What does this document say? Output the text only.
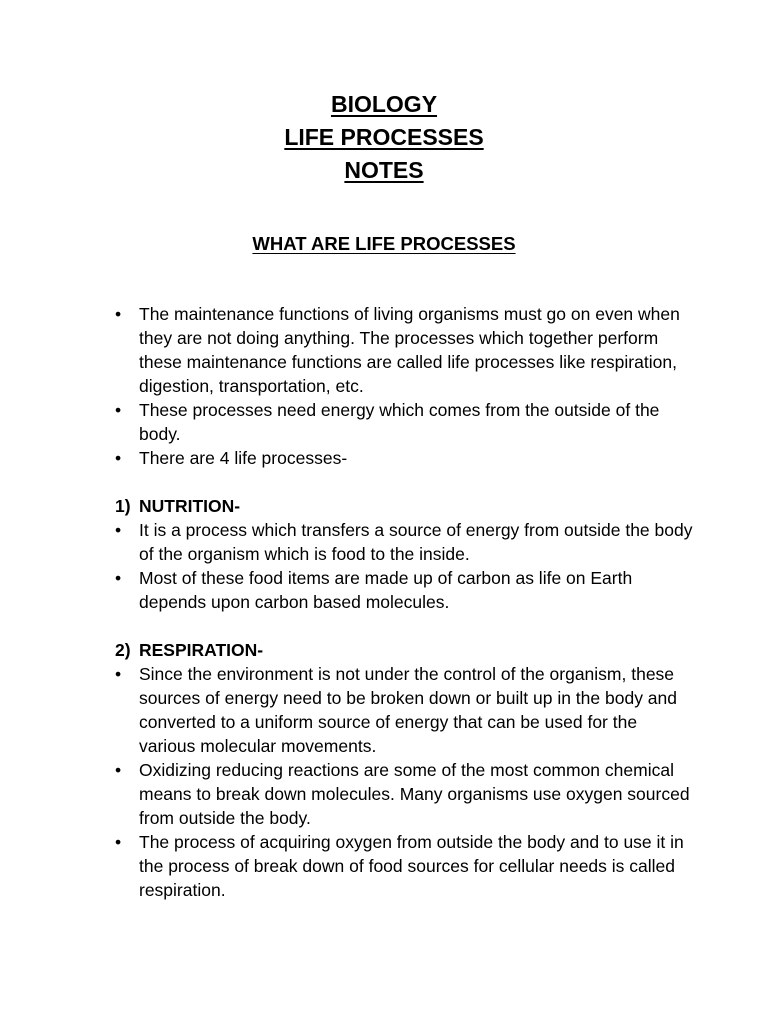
BIOLOGY
LIFE PROCESSES
NOTES
WHAT ARE LIFE PROCESSES

•	The maintenance functions of living organisms must go on even when they are not doing anything. The processes which together perform these maintenance functions are called life processes like respiration, digestion, transportation, etc.

•	These processes need energy which comes from the outside of the body.

•	There are 4 life processes-

1) NUTRITION-

•	It is a process which transfers a source of energy from outside the body of the organism which is food to the inside.

•	Most of these food items are made up of carbon as life on Earth depends upon carbon based molecules.

2) RESPIRATION-

•	Since the environment is not under the control of the organism, these sources of energy need to be broken down or built up in the body and converted to a uniform source of energy that can be used for the various molecular movements.

•	Oxidizing reducing reactions are some of the most common chemical means to break down molecules. Many organisms use oxygen sourced from outside the body.

•	The process of acquiring oxygen from outside the body and to use it in the process of break down of food sources for cellular needs is called respiration.
